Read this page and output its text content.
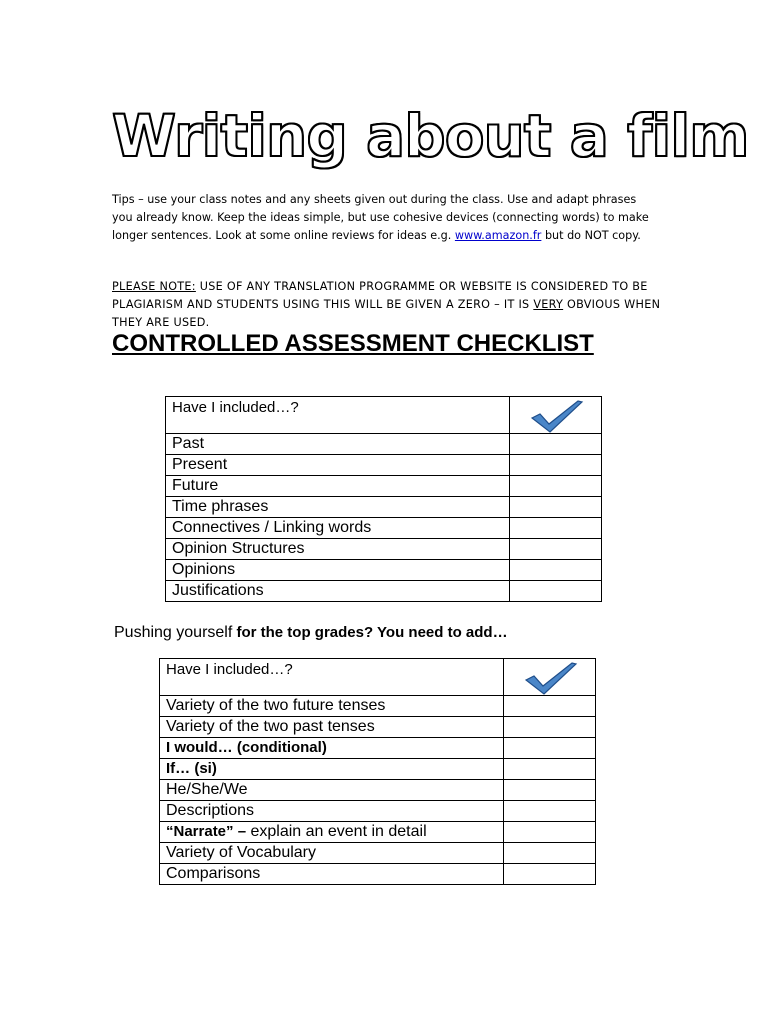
Writing about a film
Tips – use your class notes and any sheets given out during the class. Use and adapt phrases you already know. Keep the ideas simple, but use cohesive devices (connecting words) to make longer sentences. Look at some online reviews for ideas e.g. www.amazon.fr but do NOT copy.
PLEASE NOTE: USE OF ANY TRANSLATION PROGRAMME OR WEBSITE IS CONSIDERED TO BE PLAGIARISM AND STUDENTS USING THIS WILL BE GIVEN A ZERO – IT IS VERY OBVIOUS WHEN THEY ARE USED.
CONTROLLED ASSESSMENT CHECKLIST
Have I included…?	

Past	
Present	
Future	
Time phrases	
Connectives / Linking words	
Opinion Structures	
Opinions	
Justifications	
Pushing yourself for the top grades? You need to add…
Have I included…?	

Variety of the two future tenses	
Variety of the two past tenses	
I would… (conditional)	
If… (si)	
He/She/We	
Descriptions	
“Narrate” – explain an event in detail	
Variety of Vocabulary	
Comparisons	
